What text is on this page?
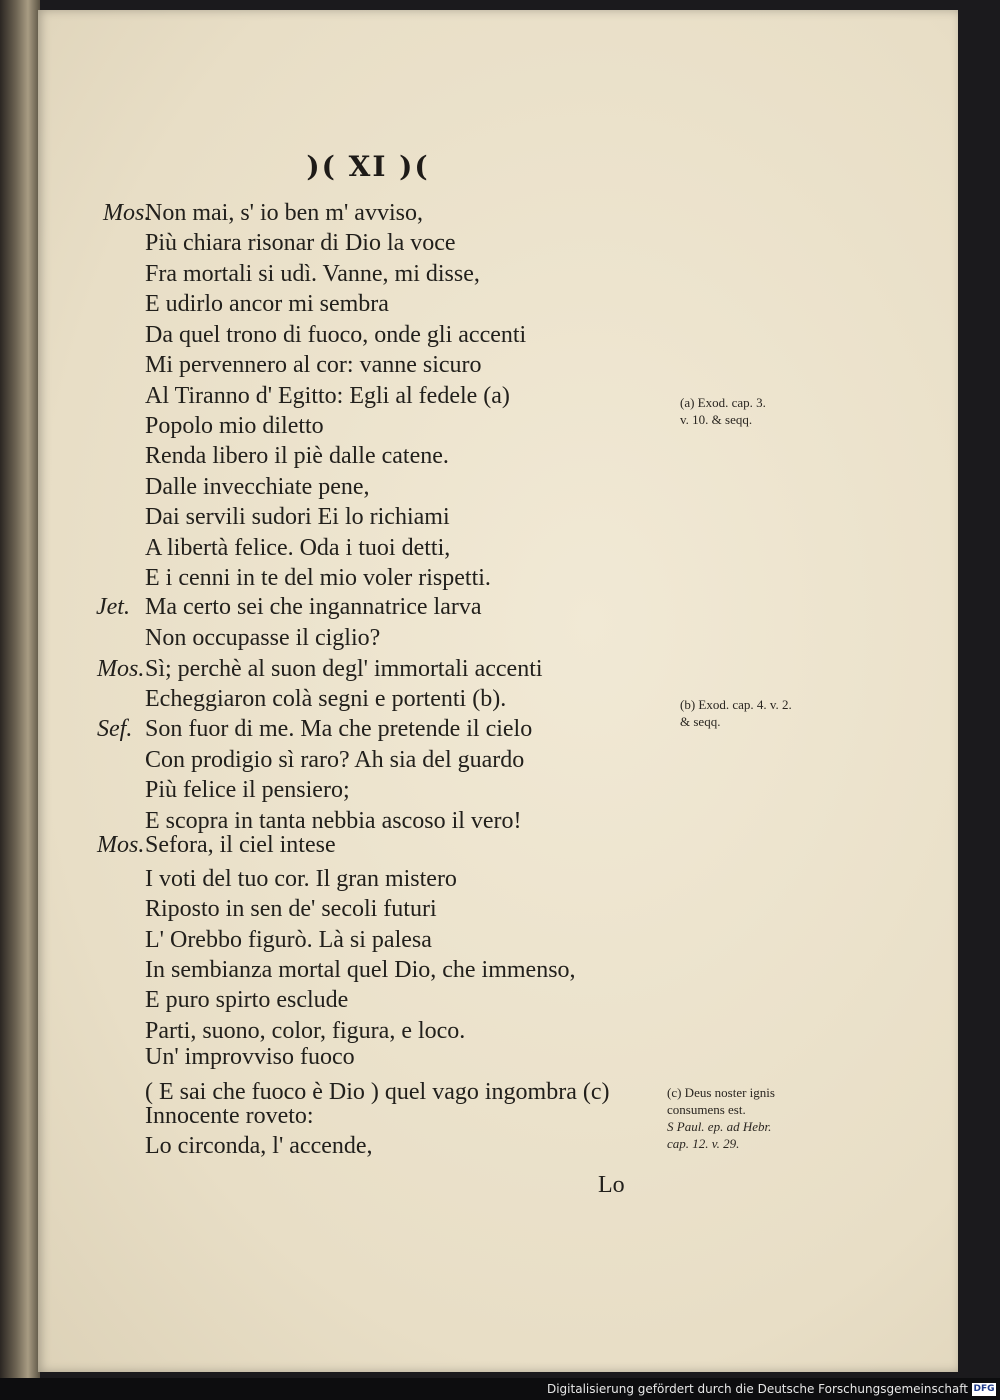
)( XI )(
Mos.
Jet.
Mos.
Sef.
Mos.
Non mai, s' io ben m' avviso,
Più chiara risonar di Dio la voce
Fra mortali si udì. Vanne, mi disse,
E udirlo ancor mi sembra
Da quel trono di fuoco, onde gli accenti
Mi pervennero al cor: vanne sicuro
Al Tiranno d' Egitto: Egli al fedele (a)
Popolo mio diletto
Renda libero il piè dalle catene.
Dalle invecchiate pene,
Dai servili sudori Ei lo richiami
A libertà felice. Oda i tuoi detti,
E i cenni in te del mio voler rispetti.
Ma certo sei che ingannatrice larva
Non occupasse il ciglio?
Sì; perchè al suon degl' immortali accenti
Echeggiaron colà segni e portenti (b).
Son fuor di me. Ma che pretende il cielo
Con prodigio sì raro? Ah sia del guardo
Più felice il pensiero;
E scopra in tanta nebbia ascoso il vero!
Sefora, il ciel intese
I voti del tuo cor. Il gran mistero
Riposto in sen de' secoli futuri
L' Orebbo figurò. Là si palesa
In sembianza mortal quel Dio, che immenso,
E puro spirto esclude
Parti, suono, color, figura, e loco.
Un' improvviso fuoco
( E sai che fuoco è Dio ) quel vago ingombra (c)
Innocente roveto:
Lo circonda, l' accende,
(a) Exod. cap. 3.
v. 10. & seqq.
(b) Exod. cap. 4. v. 2.
& seqq.
(c) Deus noster ignis
consumens est.
S Paul. ep. ad Hebr.
cap. 12. v. 29.
Lo
Digitalisierung gefördert durch die Deutsche Forschungsgemeinschaft DFG
